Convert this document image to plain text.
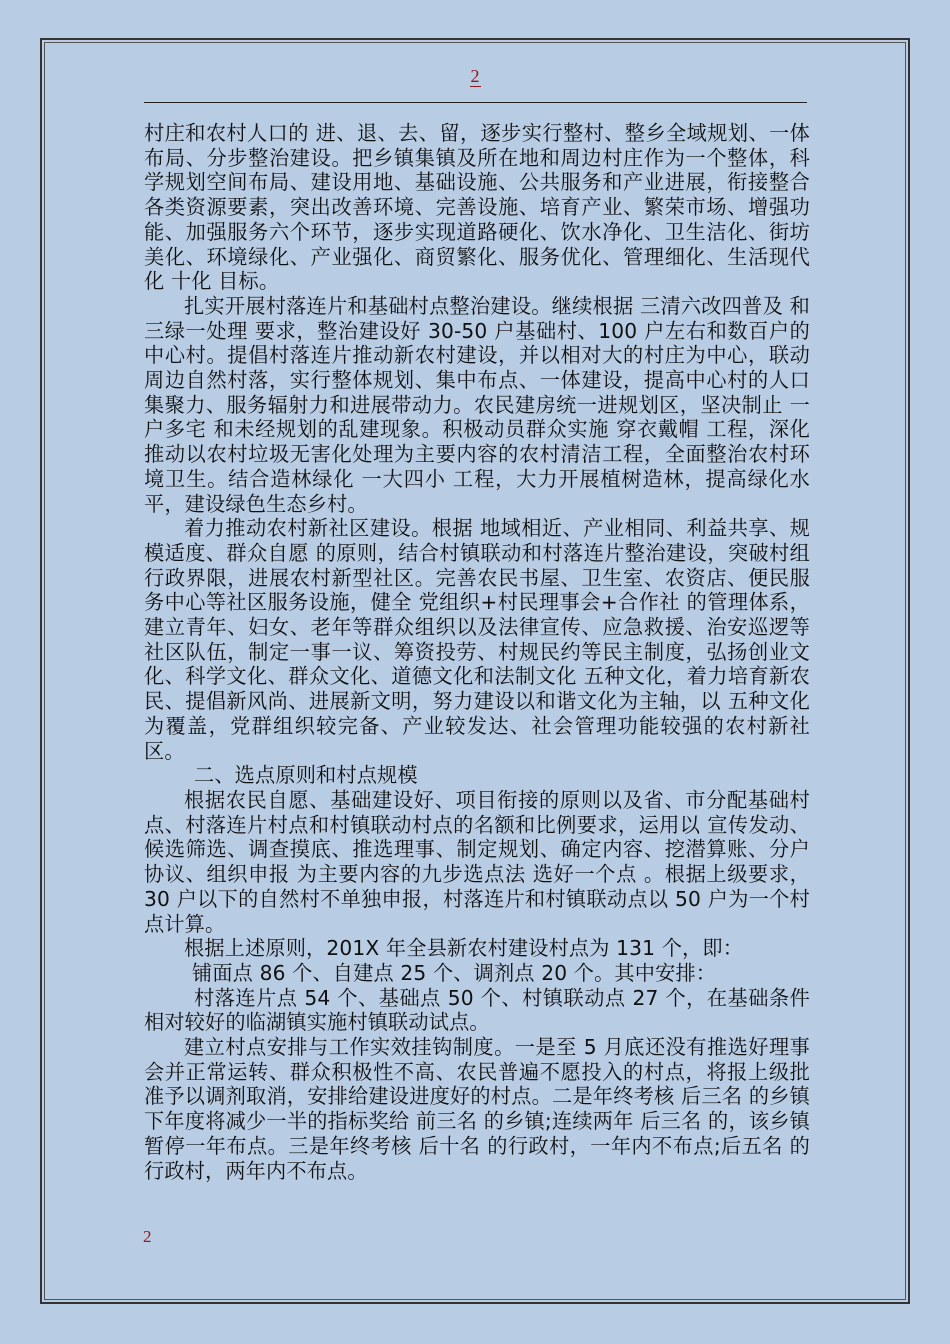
2

村庄和农村人口的 进、退、去、留，逐步实行整村、整乡全域规划、一体布局、分步整治建设。把乡镇集镇及所在地和周边村庄作为一个整体，科学规划空间布局、建设用地、基础设施、公共服务和产业进展，衔接整合各类资源要素，突出改善环境、完善设施、培育产业、繁荣市场、增强功能、加强服务六个环节，逐步实现道路硬化、饮水净化、卫生洁化、街坊美化、环境绿化、产业强化、商贸繁化、服务优化、管理细化、生活现代化 十化 目标。

扎实开展村落连片和基础村点整治建设。继续根据 三清六改四普及 和 三绿一处理 要求，整治建设好 30-50 户基础村、100 户左右和数百户的中心村。提倡村落连片推动新农村建设，并以相对大的村庄为中心，联动周边自然村落，实行整体规划、集中布点、一体建设，提高中心村的人口集聚力、服务辐射力和进展带动力。农民建房统一进规划区，坚决制止 一户多宅 和未经规划的乱建现象。积极动员群众实施 穿衣戴帽 工程，深化推动以农村垃圾无害化处理为主要内容的农村清洁工程，全面整治农村环境卫生。结合造林绿化 一大四小 工程，大力开展植树造林，提高绿化水平，建设绿色生态乡村。

着力推动农村新社区建设。根据 地域相近、产业相同、利益共享、规模适度、群众自愿 的原则，结合村镇联动和村落连片整治建设，突破村组行政界限，进展农村新型社区。完善农民书屋、卫生室、农资店、便民服务中心等社区服务设施，健全 党组织+村民理事会+合作社 的管理体系，建立青年、妇女、老年等群众组织以及法律宣传、应急救援、治安巡逻等社区队伍，制定一事一议、筹资投劳、村规民约等民主制度，弘扬创业文化、科学文化、群众文化、道德文化和法制文化 五种文化，着力培育新农民、提倡新风尚、进展新文明，努力建设以和谐文化为主轴，以 五种文化 为覆盖，党群组织较完备、产业较发达、社会管理功能较强的农村新社区。

二、选点原则和村点规模

根据农民自愿、基础建设好、项目衔接的原则以及省、市分配基础村点、村落连片村点和村镇联动村点的名额和比例要求，运用以 宣传发动、候选筛选、调查摸底、推选理事、制定规划、确定内容、挖潜算账、分户协议、组织申报 为主要内容的九步选点法 选好一个点 。根据上级要求，30 户以下的自然村不单独申报，村落连片和村镇联动点以 50 户为一个村点计算。

根据上述原则，201X 年全县新农村建设村点为 131 个，即：

铺面点 86 个、自建点 25 个、调剂点 20 个。其中安排：

村落连片点 54 个、基础点 50 个、村镇联动点 27 个，在基础条件相对较好的临湖镇实施村镇联动试点。

建立村点安排与工作实效挂钩制度。一是至 5 月底还没有推选好理事会并正常运转、群众积极性不高、农民普遍不愿投入的村点，将报上级批准予以调剂取消，安排给建设进度好的村点。二是年终考核 后三名 的乡镇下年度将减少一半的指标奖给 前三名 的乡镇;连续两年 后三名 的，该乡镇暂停一年布点。三是年终考核 后十名 的行政村，一年内不布点;后五名 的行政村，两年内不布点。

2
